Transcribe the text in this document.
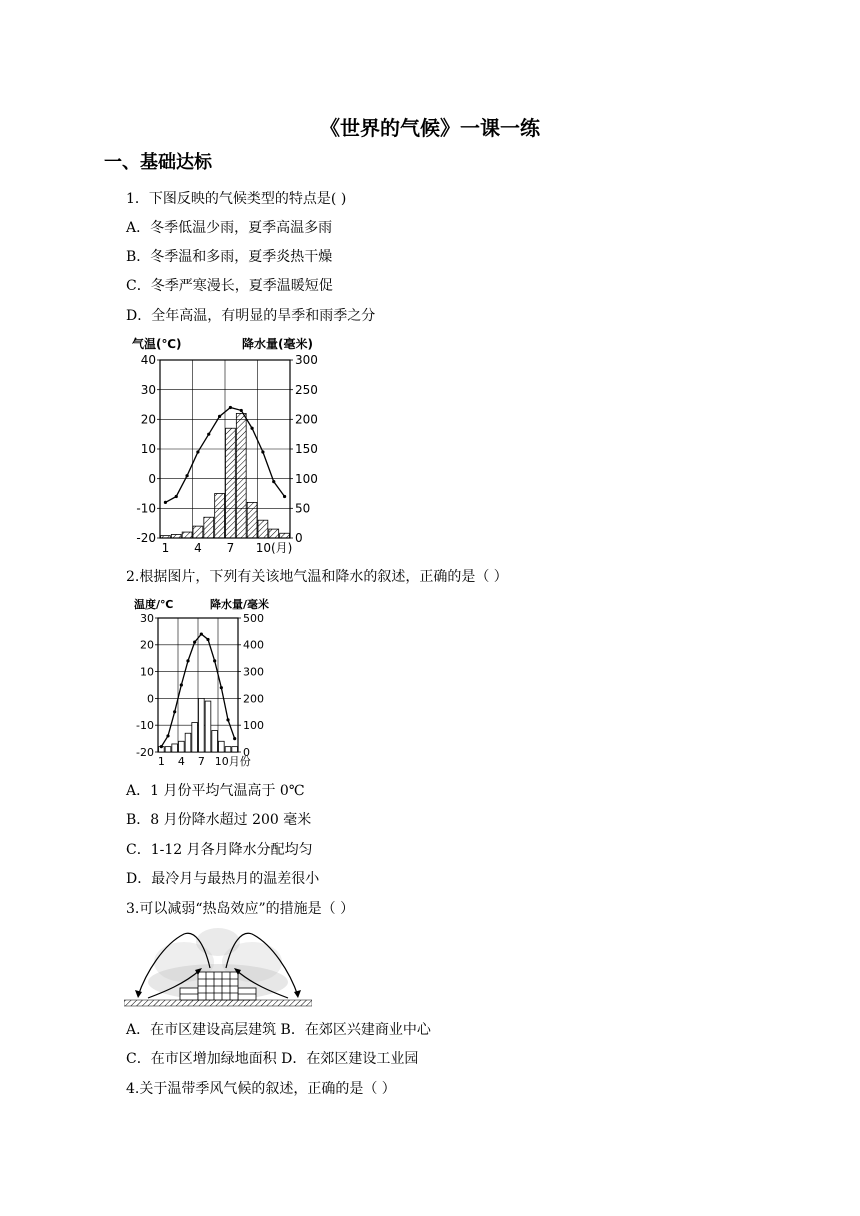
《世界的气候》一课一练
一、基础达标
1．下图反映的气候类型的特点是( )
A．冬季低温少雨，夏季高温多雨
B．冬季温和多雨，夏季炎热干燥
C．冬季严寒漫长，夏季温暖短促
D．全年高温，有明显的旱季和雨季之分
气温(℃)	降水量(毫米)
40
30
20
10
0
-10
-20
300
250
200
150
100
50
0
1 4 7 10(月)
2.根据图片，下列有关该地气温和降水的叙述，正确的是（ ）
温度/℃	降水量/毫米
30
20
10
0
-10
-20
500
400
300
200
100
0
1 4 7 10月份
A．1 月份平均气温高于 0℃
B．8 月份降水超过 200 毫米
C．1-12 月各月降水分配均匀
D．最冷月与最热月的温差很小
3.可以减弱“热岛效应”的措施是（ ）
A．在市区建设高层建筑 B．在郊区兴建商业中心
C．在市区增加绿地面积 D．在郊区建设工业园
4.关于温带季风气候的叙述，正确的是（ ）
